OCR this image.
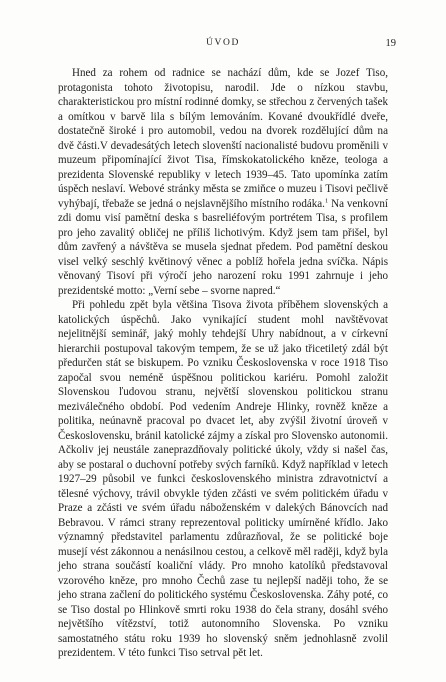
ÚVOD	19

Hned za rohem od radnice se nachází dům, kde se Jozef Tiso, protagonista tohoto životopisu, narodil. Jde o nízkou stavbu, charakteristickou pro místní rodinné domky, se střechou z červených tašek a omítkou v barvě lila s bílým lemováním. Kované dvoukřídlé dveře, dostatečně široké i pro automobil, vedou na dvorek rozdělující dům na dvě části.V devadesátých letech slovenští nacionalisté budovu proměnili v muzeum připomínající život Tisa, římskokatolického kněze, teologa a prezidenta Slovenské republiky v letech 1939–45. Tato upomínka zatím úspěch neslaví. Webové stránky města se zmiňce o muzeu i Tisovi pečlivě vyhýbají, třebaže se jedná o nejslavnějšího místního rodáka.$^1$ Na venkovní zdi domu visí pamětní deska s basreliéfovým portrétem Tisa, s profilem pro jeho zavalitý obličej ne příliš lichotivým. Když jsem tam přišel, byl dům zavřený a návštěva se musela sjednat předem. Pod pamětní deskou visel velký seschlý květinový věnec a poblíž hořela jedna svíčka. Nápis věnovaný Tisoví při výročí jeho narození roku 1991 zahrnuje i jeho prezidentské motto: „Verní sebe – svorne napred.“

Při pohledu zpět byla většina Tisova života příběhem slovenských a katolických úspěchů. Jako vynikající student mohl navštěvovat nejelitnější seminář, jaký mohly tehdejší Uhry nabídnout, a v církevní hierarchii postupoval takovým tempem, že se už jako třicetiletý zdál být předurčen stát se biskupem. Po vzniku Československa v roce 1918 Tiso započal svou neméně úspěšnou politickou kariéru. Pomohl založit Slovenskou ľudovou stranu, největší slovenskou politickou stranu meziválečného období. Pod vedením Andreje Hlinky, rovněž kněze a politika, neúnavně pracoval po dvacet let, aby zvýšil životní úroveň v Československu, bránil katolické zájmy a získal pro Slovensko autonomii. Ačkoliv jej neustále zaneprazdňovaly politické úkoly, vždy si našel čas, aby se postaral o duchovní potřeby svých farníků. Když například v letech 1927–29 působil ve funkci československého ministra zdravotnictví a tělesné výchovy, trávil obvykle týden zčásti ve svém politickém úřadu v Praze a zčásti ve svém úřadu náboženském v dalekých Bánovcích nad Bebravou. V rámci strany reprezentoval politicky umírněné křídlo. Jako významný představitel parlamentu zdůrazňoval, že se politické boje musejí vést zákonnou a nenásilnou cestou, a celkově měl raději, když byla jeho strana součástí koaliční vlády. Pro mnoho katolíků představoval vzorového kněze, pro mnoho Čechů zase tu nejlepší naději toho, že se jeho strana začlení do politického systému Československa. Záhy poté, co se Tiso dostal po Hlinkově smrti roku 1938 do čela strany, dosáhl svého největšího vítězství, totiž autonomního Slovenska. Po vzniku samostatného státu roku 1939 ho slovenský sněm jednohlasně zvolil prezidentem. V této funkci Tiso setrval pět let.
